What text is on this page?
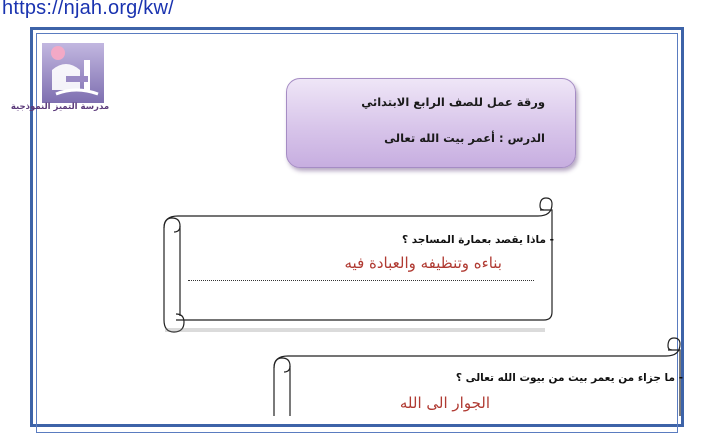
https://njah.org/kw/
مدرسة التميز النموذجية	ورقة عمل للصف الرابع الابتدائي
الدرس : أعمر بيت الله تعالى
- ماذا يقصد بعمارة المساجد ؟
بناءه وتنظيفه والعبادة فيه
- ما جزاء من يعمر بيت من بيوت الله تعالى ؟
الجوار الى الله
